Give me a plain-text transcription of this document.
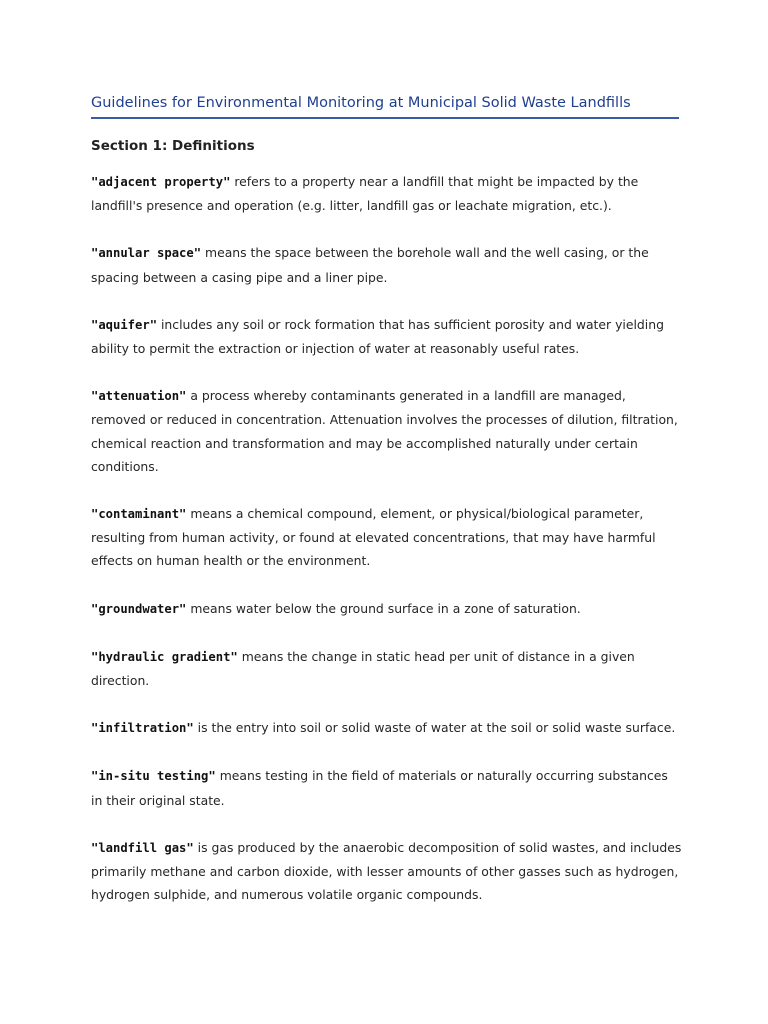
Guidelines for Environmental Monitoring at Municipal Solid Waste Landfills
Section 1: Definitions

"adjacent property" refers to a property near a landfill that might be impacted by the landfill's presence and operation (e.g. litter, landfill gas or leachate migration, etc.).

"annular space" means the space between the borehole wall and the well casing, or the spacing between a casing pipe and a liner pipe.

"aquifer" includes any soil or rock formation that has sufficient porosity and water yielding ability to permit the extraction or injection of water at reasonably useful rates.

"attenuation" a process whereby contaminants generated in a landfill are managed, removed or reduced in concentration. Attenuation involves the processes of dilution, filtration, chemical reaction and transformation and may be accomplished naturally under certain conditions.

"contaminant" means a chemical compound, element, or physical/biological parameter, resulting from human activity, or found at elevated concentrations, that may have harmful effects on human health or the environment.

"groundwater" means water below the ground surface in a zone of saturation.

"hydraulic gradient" means the change in static head per unit of distance in a given direction.

"infiltration" is the entry into soil or solid waste of water at the soil or solid waste surface.

"in-situ testing" means testing in the field of materials or naturally occurring substances in their original state.

"landfill gas" is gas produced by the anaerobic decomposition of solid wastes, and includes primarily methane and carbon dioxide, with lesser amounts of other gasses such as hydrogen, hydrogen sulphide, and numerous volatile organic compounds.
